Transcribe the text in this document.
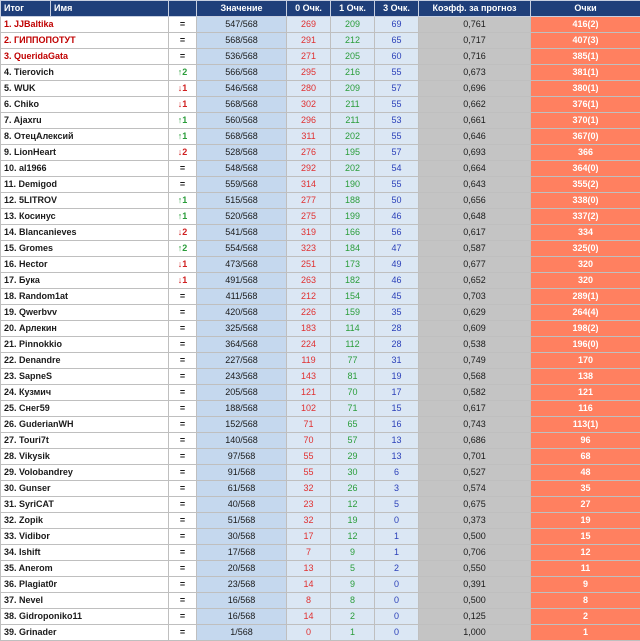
Итог	Имя		Значение	0 Очк.	1 Очк.	3 Очк.	Коэфф. за прогноз	Очки
1. JJBaltika		=	547/568	269	209	69	0,761	416(2)
2. ГИППОПОТУТ		=	568/568	291	212	65	0,717	407(3)
3. QueridaGata		=	536/568	271	205	60	0,716	385(1)
4. Tierovich		↑2	566/568	295	216	55	0,673	381(1)
5. WUK		↓1	546/568	280	209	57	0,696	380(1)
6. Chiko		↓1	568/568	302	211	55	0,662	376(1)
7. Ajaxru		↑1	560/568	296	211	53	0,661	370(1)
8. ОтецАлексий		↑1	568/568	311	202	55	0,646	367(0)
9. LionHeart		↓2	528/568	276	195	57	0,693	366
10. al1966		=	548/568	292	202	54	0,664	364(0)
11. Demigod		=	559/568	314	190	55	0,643	355(2)
12. 5LITROV		↑1	515/568	277	188	50	0,656	338(0)
13. Косинус		↑1	520/568	275	199	46	0,648	337(2)
14. Blancanieves		↓2	541/568	319	166	56	0,617	334
15. Gromes		↑2	554/568	323	184	47	0,587	325(0)
16. Hector		↓1	473/568	251	173	49	0,677	320
17. Бука		↓1	491/568	263	182	46	0,652	320
18. Random1at		=	411/568	212	154	45	0,703	289(1)
19. Qwerbvv		=	420/568	226	159	35	0,629	264(4)
20. Арлекин		=	325/568	183	114	28	0,609	198(2)
21. Pinnokkio		=	364/568	224	112	28	0,538	196(0)
22. Denandre		=	227/568	119	77	31	0,749	170
23. SapneS		=	243/568	143	81	19	0,568	138
24. Кузмич		=	205/568	121	70	17	0,582	121
25. Снег59		=	188/568	102	71	15	0,617	116
26. GuderianWH		=	152/568	71	65	16	0,743	113(1)
27. Touri7t		=	140/568	70	57	13	0,686	96
28. Vikysik		=	97/568	55	29	13	0,701	68
29. Volobandrey		=	91/568	55	30	6	0,527	48
30. Gunser		=	61/568	32	26	3	0,574	35
31. SyriCAT		=	40/568	23	12	5	0,675	27
32. Zopik		=	51/568	32	19	0	0,373	19
33. Vidibor		=	30/568	17	12	1	0,500	15
34. Ishift		=	17/568	7	9	1	0,706	12
35. Anerom		=	20/568	13	5	2	0,550	11
36. Plagiat0r		=	23/568	14	9	0	0,391	9
37. Nevel		=	16/568	8	8	0	0,500	8
38. Gidroponiko11		=	16/568	14	2	0	0,125	2
39. Grinader		=	1/568	0	1	0	1,000	1
